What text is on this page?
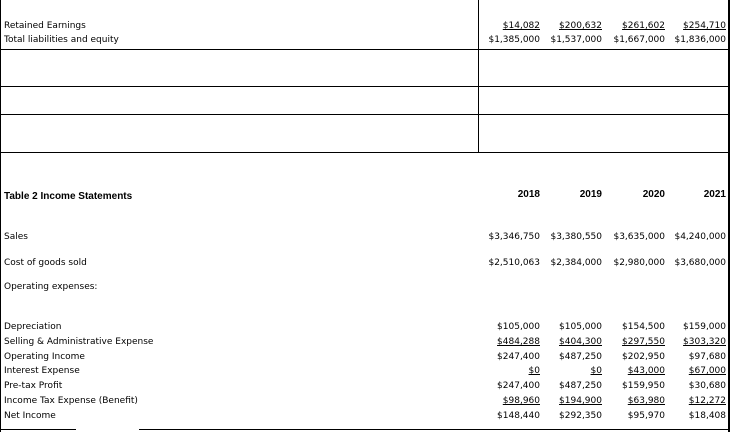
Retained Earnings	$14,082	$200,632	$261,602	$254,710
Total liabilities and equity	$1,385,000	$1,537,000	$1,667,000	$1,836,000
Table 2 Income Statements	2018	2019	2020	2021
Sales	$3,346,750	$3,380,550	$3,635,000	$4,240,000
Cost of goods sold	$2,510,063	$2,384,000	$2,980,000	$3,680,000
Operating expenses:
Depreciation	$105,000	$105,000	$154,500	$159,000
Selling & Administrative Expense	$484,288	$404,300	$297,550	$303,320
Operating Income	$247,400	$487,250	$202,950	$97,680
Interest Expense	$0	$0	$43,000	$67,000
Pre-tax Profit	$247,400	$487,250	$159,950	$30,680
Income Tax Expense (Benefit)	$98,960	$194,900	$63,980	$12,272
Net Income	$148,440	$292,350	$95,970	$18,408
